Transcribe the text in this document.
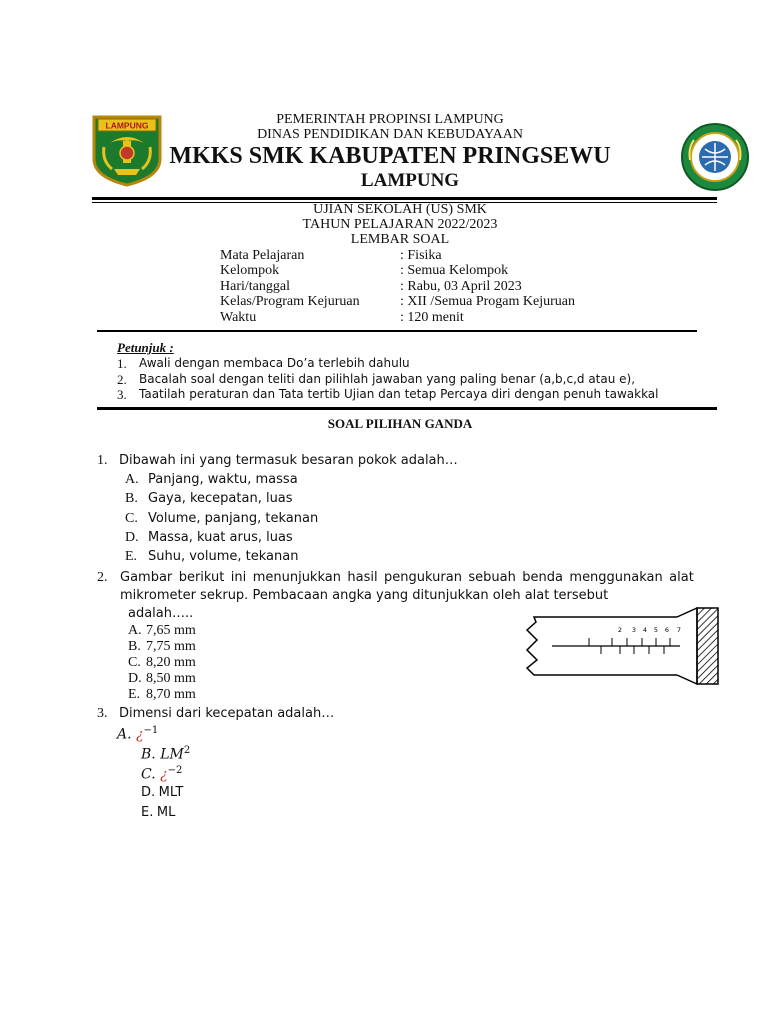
LAMPUNG	PEMERINTAH PROPINSI LAMPUNG
DINAS PENDIDIKAN DAN KEBUDAYAAN
MKKS SMK KABUPATEN PRINGSEWU
LAMPUNG
UJIAN SEKOLAH (US) SMK
TAHUN PELAJARAN 2022/2023
LEMBAR SOAL
Mata Pelajaran	: Fisika
Kelompok	: Semua Kelompok
Hari/tanggal	: Rabu, 03 April 2023
Kelas/Program Kejuruan	: XII /Semua Progam Kejuruan
Waktu	: 120 menit
Petunjuk :
1. Awali dengan membaca Do’a terlebih dahulu
2. Bacalah soal dengan teliti dan pilihlah jawaban yang paling benar (a,b,c,d atau e),
3. Taatilah peraturan dan Tata tertib Ujian dan tetap Percaya diri dengan penuh tawakkal
SOAL PILIHAN GANDA
1. Dibawah ini yang termasuk besaran pokok adalah…
A. Panjang, waktu, massa
B. Gaya, kecepatan, luas
C. Volume, panjang, tekanan
D. Massa, kuat arus, luas
E. Suhu, volume, tekanan
2. Gambar berikut ini menunjukkan hasil pengukuran sebuah benda menggunakan alat
mikrometer sekrup. Pembacaan angka yang ditunjukkan oleh alat tersebut
adalah…..
A. 7,65 mm
B. 7,75 mm
C. 8,20 mm
D. 8,50 mm
E. 8,70 mm
2 3 4 5 6 7
3. Dimensi dari kecepatan adalah…
A. ¿$^{-1}$
B. $LM^2$
C. ¿$^{-2}$
D. MLT
E. ML
